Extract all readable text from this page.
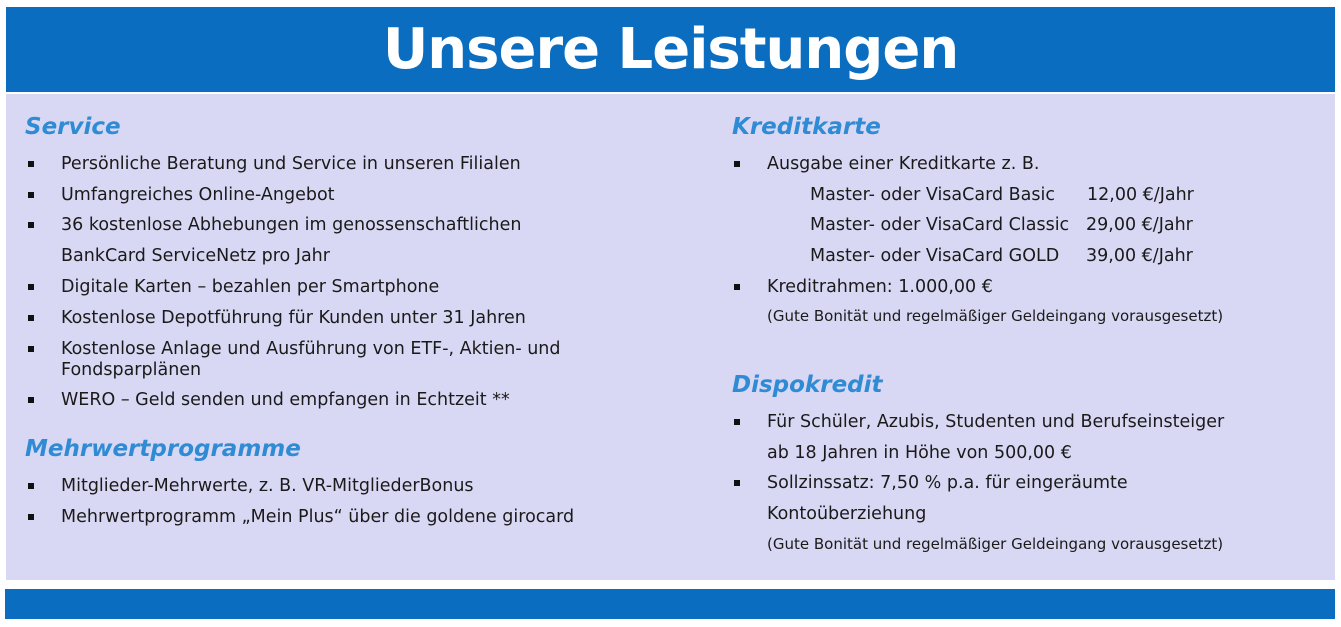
Unsere Leistungen
Service
Persönliche Beratung und Service in unseren Filialen
Umfangreiches Online-Angebot
36 kostenlose Abhebungen im genossenschaftlichen
BankCard ServiceNetz pro Jahr
Digitale Karten – bezahlen per Smartphone
Kostenlose Depotführung für Kunden unter 31 Jahren
Kostenlose Anlage und Ausführung von ETF-, Aktien- und
Fondsparplänen
WERO – Geld senden und empfangen in Echtzeit **
Mehrwertprogramme
Mitglieder-Mehrwerte, z. B. VR-MitgliederBonus
Mehrwertprogramm „Mein Plus“ über die goldene girocard
Kreditkarte
Ausgabe einer Kreditkarte z. B.
Master- oder VisaCard Basic 12,00 €/Jahr
Master- oder VisaCard Classic 29,00 €/Jahr
Master- oder VisaCard GOLD 39,00 €/Jahr
Kreditrahmen: 1.000,00 €
(Gute Bonität und regelmäßiger Geldeingang vorausgesetzt)
Dispokredit
Für Schüler, Azubis, Studenten und Berufseinsteiger
ab 18 Jahren in Höhe von 500,00 €
Sollzinssatz: 7,50 % p.a. für eingeräumte
Kontoüberziehung
(Gute Bonität und regelmäßiger Geldeingang vorausgesetzt)
